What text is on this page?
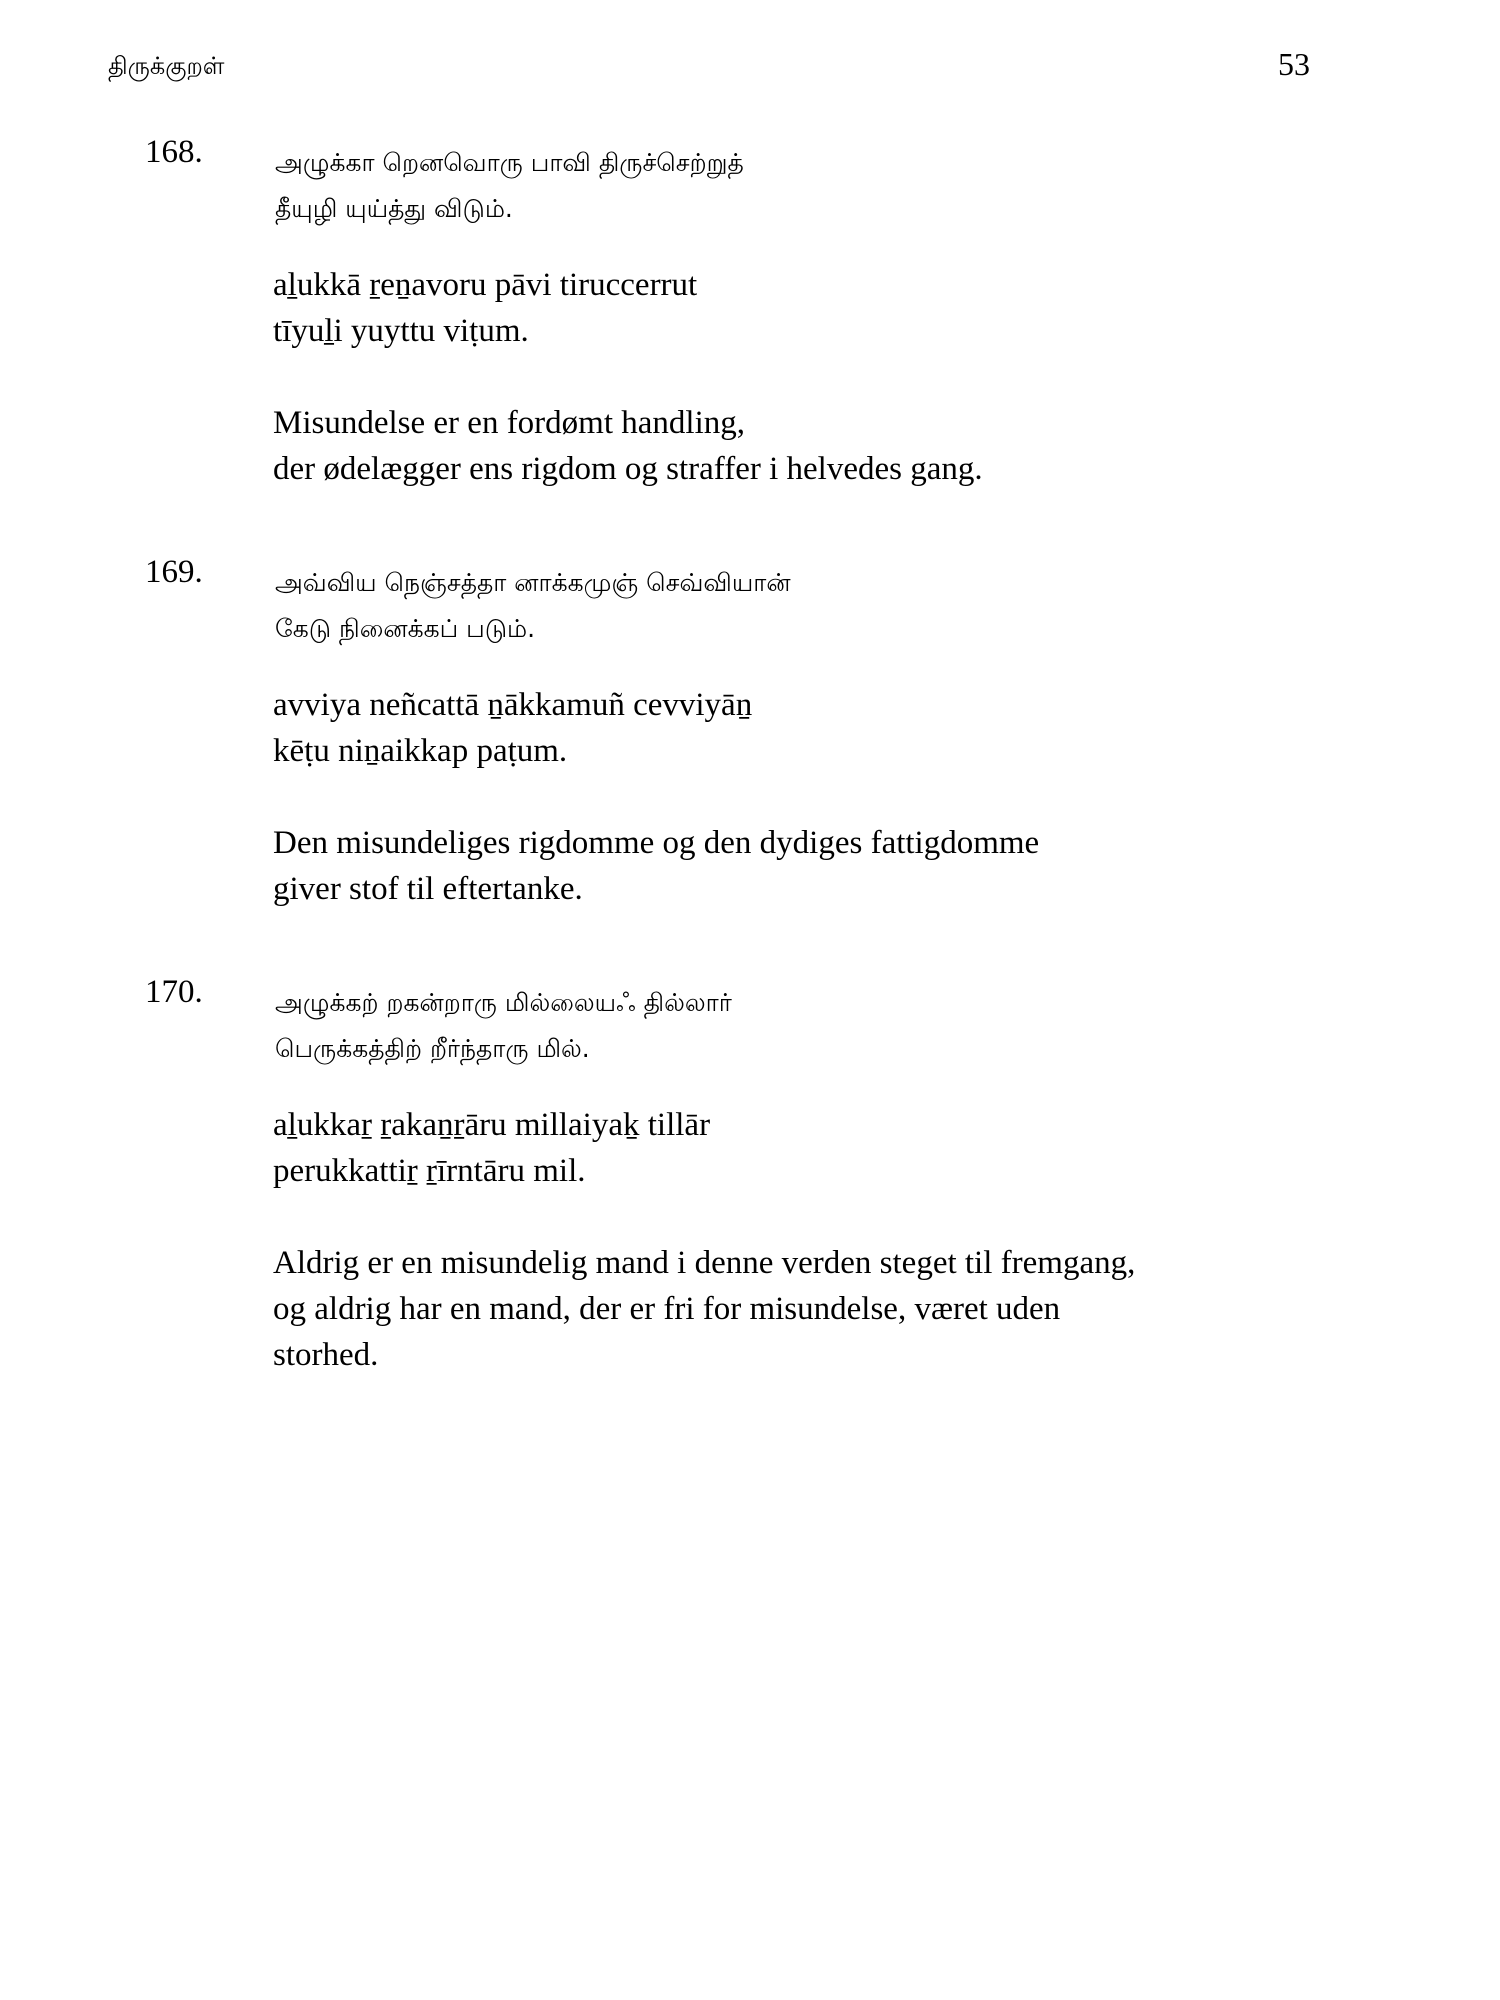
திருக்குறள்	53
168.	அழுக்கா றெனவொரு பாவி திருச்செற்றுத்
தீயுழி யுய்த்து விடும்.

aḻukkā ṟeṉavoru pāvi tiruccerrut
tīyuḻi yuyttu viṭum.

Misundelse er en fordømt handling,
der ødelægger ens rigdom og straffer i helvedes gang.

169.	அவ்விய நெஞ்சத்தா னாக்கமுஞ் செவ்வியான்
கேடு நினைக்கப் படும்.

avviya neñcattā ṉākkamuñ cevviyāṉ
kēṭu niṉaikkap paṭum.

Den misundeliges rigdomme og den dydiges fattigdomme
giver stof til eftertanke.

170.	அழுக்கற் றகன்றாரு மில்லையஃ தில்லார்
பெருக்கத்திற் றீர்ந்தாரு மில்.

aḻukkaṟ ṟakaṉṟāru millaiyaḵ tillār
perukkattiṟ ṟīrntāru mil.

Aldrig er en misundelig mand i denne verden steget til fremgang,
og aldrig har en mand, der er fri for misundelse, været uden
storhed.
